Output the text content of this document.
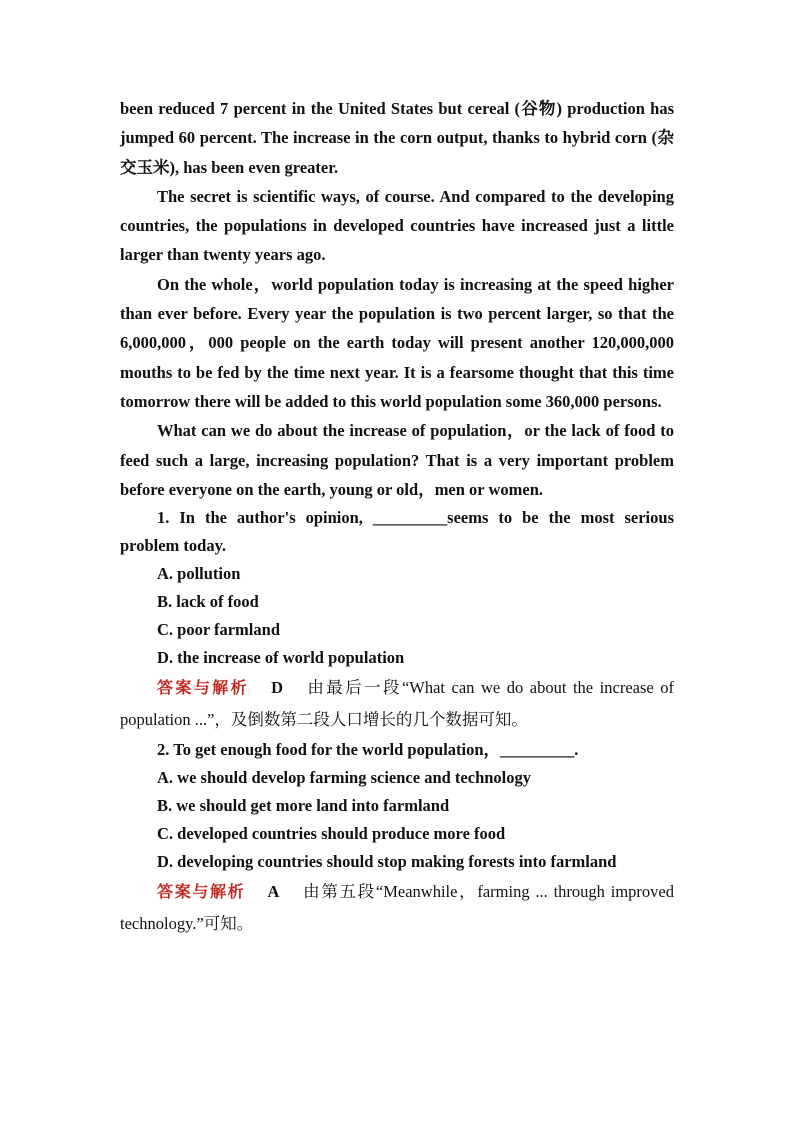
been reduced 7 percent in the United States but cereal (谷物) production has jumped 60 percent. The increase in the corn output, thanks to hybrid corn (杂交玉米), has been even greater.

The secret is scientific ways, of course. And compared to the developing countries, the populations in developed countries have increased just a little larger than twenty years ago.

On the whole，world population today is increasing at the speed higher than ever before. Every year the population is two percent larger, so that the 6,000,000，000 people on the earth today will present another 120,000,000 mouths to be fed by the time next year. It is a fearsome thought that this time tomorrow there will be added to this world population some 360,000 persons.

What can we do about the increase of population，or the lack of food to feed such a large, increasing population? That is a very important problem before everyone on the earth, young or old，men or women.

1. In the author's opinion, _________seems to be the most serious problem today.

A. pollution

B. lack of food

C. poor farmland

D. the increase of world population

答案与解析 D 由最后一段“What can we do about the increase of population ...”，及倒数第二段人口增长的几个数据可知。

2. To get enough food for the world population，_________.

A. we should develop farming science and technology

B. we should get more land into farmland

C. developed countries should produce more food

D. developing countries should stop making forests into farmland

答案与解析 A 由第五段“Meanwhile，farming ... through improved technology.”可知。
